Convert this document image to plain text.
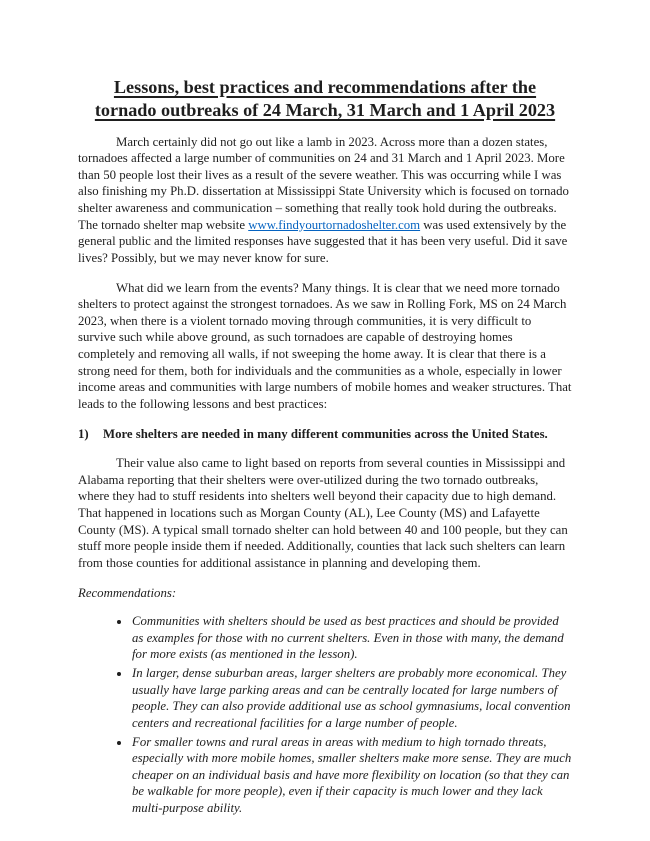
Lessons, best practices and recommendations after the
tornado outbreaks of 24 March, 31 March and 1 April 2023

March certainly did not go out like a lamb in 2023. Across more than a dozen states, tornadoes affected a large number of communities on 24 and 31 March and 1 April 2023. More than 50 people lost their lives as a result of the severe weather. This was occurring while I was also finishing my Ph.D. dissertation at Mississippi State University which is focused on tornado shelter awareness and communication – something that really took hold during the outbreaks. The tornado shelter map website www.findyourtornadoshelter.com was used extensively by the general public and the limited responses have suggested that it has been very useful. Did it save lives? Possibly, but we may never know for sure.

What did we learn from the events? Many things. It is clear that we need more tornado shelters to protect against the strongest tornadoes. As we saw in Rolling Fork, MS on 24 March 2023, when there is a violent tornado moving through communities, it is very difficult to survive such while above ground, as such tornadoes are capable of destroying homes completely and removing all walls, if not sweeping the home away. It is clear that there is a strong need for them, both for individuals and the communities as a whole, especially in lower income areas and communities with large numbers of mobile homes and weaker structures. That leads to the following lessons and best practices:

1) More shelters are needed in many different communities across the United States.

Their value also came to light based on reports from several counties in Mississippi and Alabama reporting that their shelters were over-utilized during the two tornado outbreaks, where they had to stuff residents into shelters well beyond their capacity due to high demand. That happened in locations such as Morgan County (AL), Lee County (MS) and Lafayette County (MS). A typical small tornado shelter can hold between 40 and 100 people, but they can stuff more people inside them if needed. Additionally, counties that lack such shelters can learn from those counties for additional assistance in planning and developing them.

Recommendations:

• Communities with shelters should be used as best practices and should be provided as examples for those with no current shelters. Even in those with many, the demand for more exists (as mentioned in the lesson).
• In larger, dense suburban areas, larger shelters are probably more economical. They usually have large parking areas and can be centrally located for large numbers of people. They can also provide additional use as school gymnasiums, local convention centers and recreational facilities for a large number of people.
• For smaller towns and rural areas in areas with medium to high tornado threats, especially with more mobile homes, smaller shelters make more sense. They are much cheaper on an individual basis and have more flexibility on location (so that they can be walkable for more people), even if their capacity is much lower and they lack multi-purpose ability.
